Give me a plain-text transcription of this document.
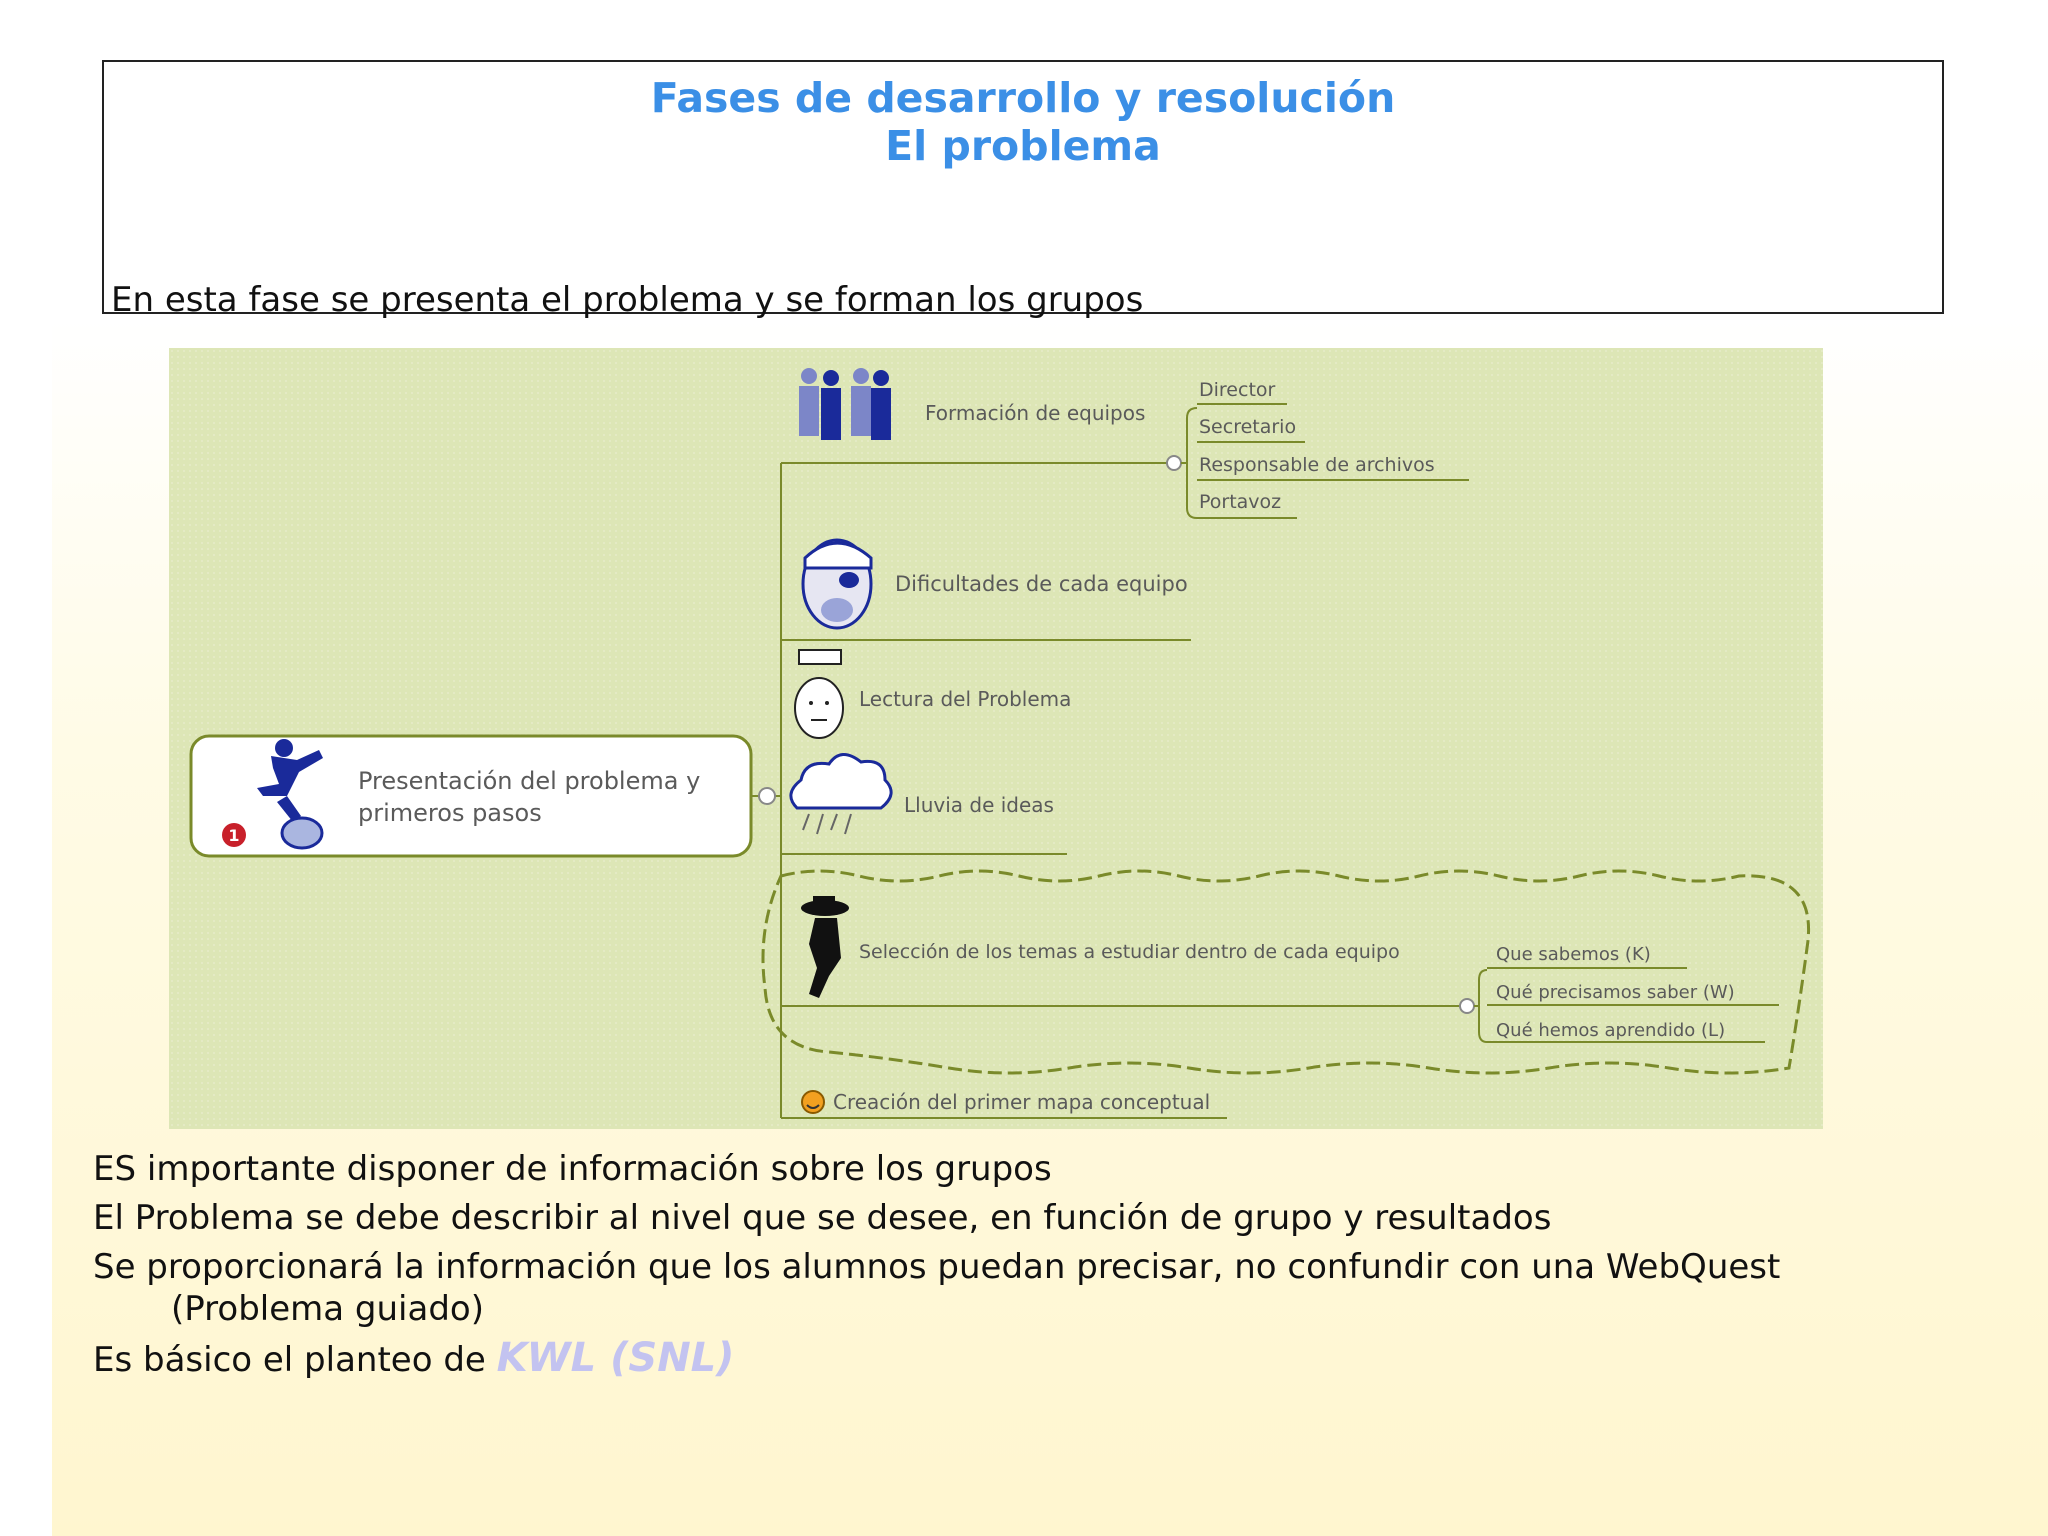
Fases de desarrollo y resolución
El problema
En esta fase se presenta el problema y se forman los grupos
1
Presentación del problema y
primeros pasos
Formación de equipos
Director
Secretario
Responsable de archivos
Portavoz
Dificultades de cada equipo
Lectura del Problema
Lluvia de ideas
Selección de los temas a estudiar dentro de cada equipo	Que sabemos (K)
Qué precisamos saber (W)
Qué hemos aprendido (L)
Creación del primer mapa conceptual
ES importante disponer de información sobre los grupos
El Problema se debe describir al nivel que se desee, en función de grupo y resultados
Se proporcionará la información que los alumnos puedan precisar, no confundir con una WebQuest
(Problema guiado)
Es básico el planteo de KWL (SNL)
